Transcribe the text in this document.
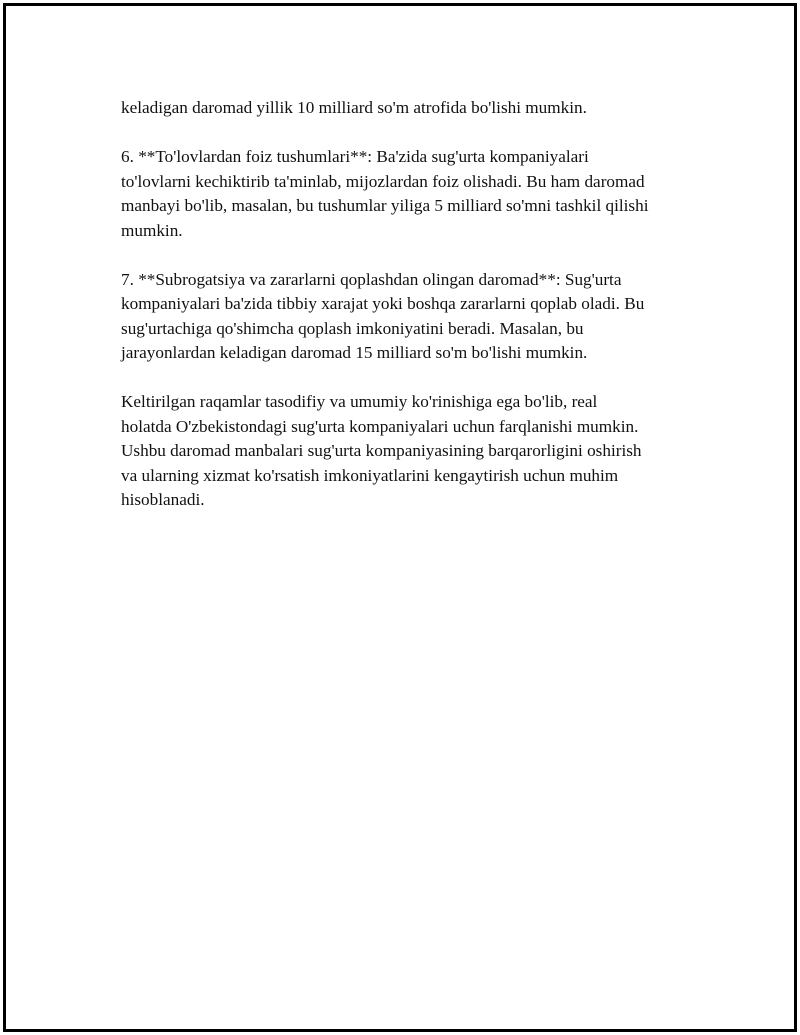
keladigan daromad yillik 10 milliard so'm atrofida bo'lishi mumkin.

6. **To'lovlardan foiz tushumlari**: Ba'zida sug'urta kompaniyalari
to'lovlarni kechiktirib ta'minlab, mijozlardan foiz olishadi. Bu ham daromad
manbayi bo'lib, masalan, bu tushumlar yiliga 5 milliard so'mni tashkil qilishi
mumkin.

7. **Subrogatsiya va zararlarni qoplashdan olingan daromad**: Sug'urta
kompaniyalari ba'zida tibbiy xarajat yoki boshqa zararlarni qoplab oladi. Bu
sug'urtachiga qo'shimcha qoplash imkoniyatini beradi. Masalan, bu
jarayonlardan keladigan daromad 15 milliard so'm bo'lishi mumkin.

Keltirilgan raqamlar tasodifiy va umumiy ko'rinishiga ega bo'lib, real
holatda O'zbekistondagi sug'urta kompaniyalari uchun farqlanishi mumkin.
Ushbu daromad manbalari sug'urta kompaniyasining barqarorligini oshirish
va ularning xizmat ko'rsatish imkoniyatlarini kengaytirish uchun muhim
hisoblanadi.
